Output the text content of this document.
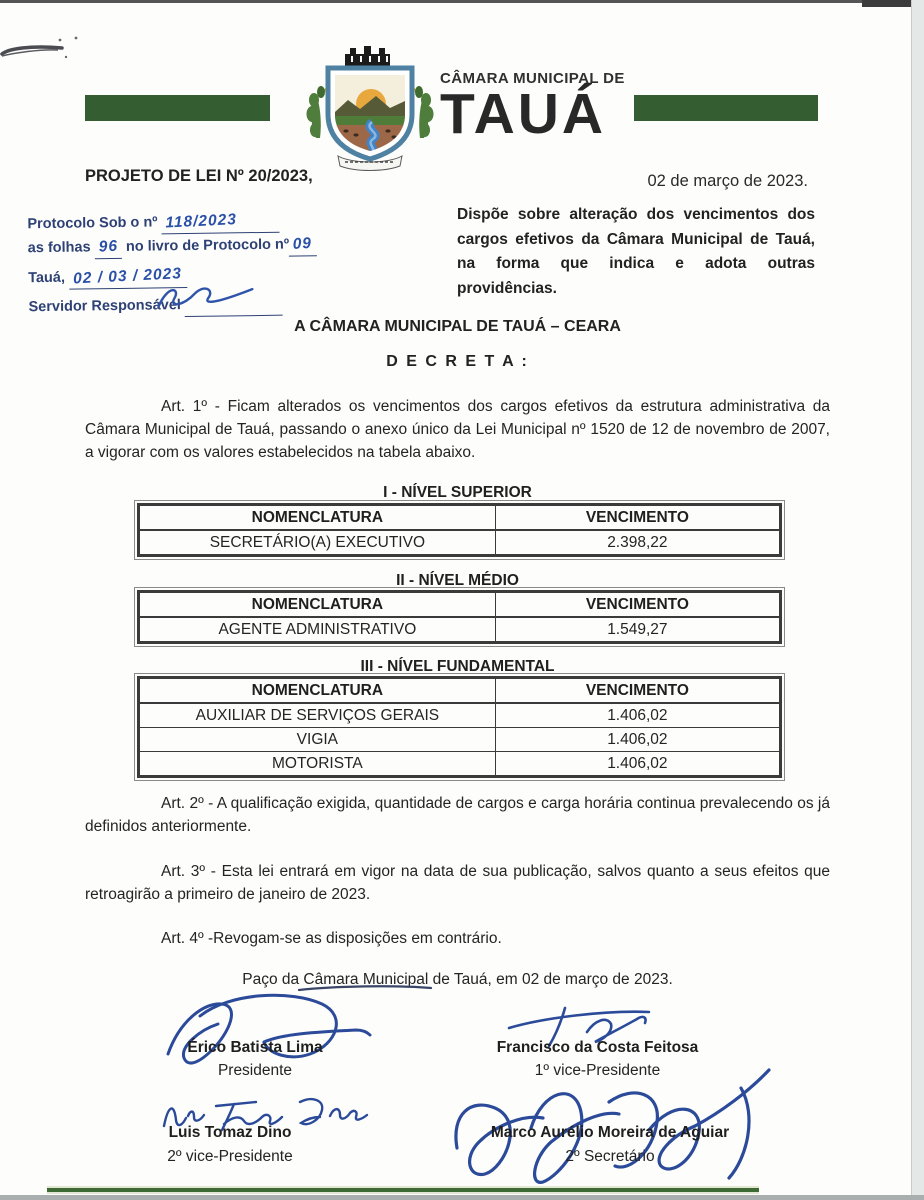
CÂMARA MUNICIPAL DE
TAUÁ
PROJETO DE LEI Nº 20/2023,	02 de março de 2023.
Protocolo Sob o nº 118/2023
as folhas 96 no livro de Protocolo nº 09
Tauá, 02 / 03 / 2023
Servidor Responsável
Dispõe sobre alteração dos vencimentos dos cargos efetivos da Câmara Municipal de Tauá, na forma que indica e adota outras providências.
A CÂMARA MUNICIPAL DE TAUÁ – CEARA
D E C R E T A :
Art. 1º - Ficam alterados os vencimentos dos cargos efetivos da estrutura administrativa da Câmara Municipal de Tauá, passando o anexo único da Lei Municipal nº 1520 de 12 de novembro de 2007, a vigorar com os valores estabelecidos na tabela abaixo.
I - NÍVEL SUPERIOR
NOMENCLATURA	VENCIMENTO
SECRETÁRIO(A) EXECUTIVO	2.398,22
II - NÍVEL MÉDIO
NOMENCLATURA	VENCIMENTO
AGENTE ADMINISTRATIVO	1.549,27
III - NÍVEL FUNDAMENTAL
NOMENCLATURA	VENCIMENTO
AUXILIAR DE SERVIÇOS GERAIS	1.406,02
VIGIA	1.406,02
MOTORISTA	1.406,02
Art. 2º - A qualificação exigida, quantidade de cargos e carga horária continua prevalecendo os já definidos anteriormente.
Art. 3º - Esta lei entrará em vigor na data de sua publicação, salvos quanto a seus efeitos que retroagirão a primeiro de janeiro de 2023.
Art. 4º -Revogam-se as disposições em contrário.
Paço da Câmara Municipal de Tauá, em 02 de março de 2023.
Érico Batista Lima
Presidente
Francisco da Costa Feitosa
1º vice-Presidente
Luis Tomaz Dino
2º vice-Presidente
Marco Aurélio Moreira de Aguiar
2º Secretário
